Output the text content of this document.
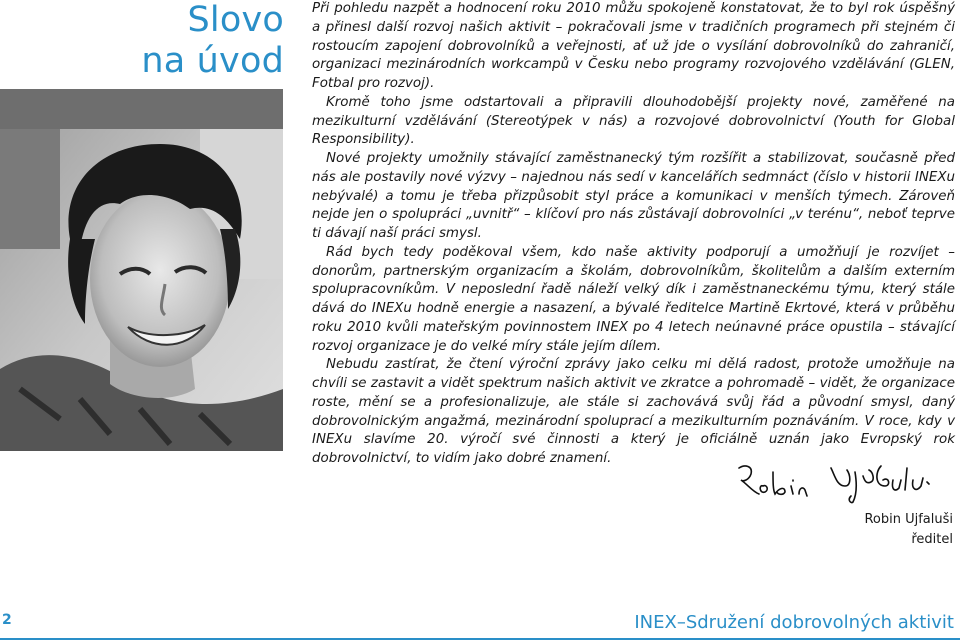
Slovo
na úvod

Při pohledu nazpět a hodnocení roku 2010 můžu spokojeně konstatovat, že to byl rok úspěšný a přinesl další rozvoj našich aktivit – pokračovali jsme v tradičních programech při stejném či rostoucím zapojení dobrovolníků a veřejnosti, ať už jde o vysílání dobrovolníků do zahraničí, organizaci mezinárodních workcampů v Česku nebo programy rozvojového vzdělávání (GLEN, Fotbal pro rozvoj).

Kromě toho jsme odstartovali a připravili dlouhodobější projekty nové, zaměřené na mezikulturní vzdělávání (Stereotýpek v nás) a rozvojové dobrovolnictví (Youth for Global Responsibility).

Nové projekty umožnily stávající zaměstnanecký tým rozšířit a stabilizovat, současně před nás ale postavily nové výzvy – najednou nás sedí v kancelářích sedmnáct (číslo v historii INEXu nebývalé) a tomu je třeba přizpůsobit styl práce a komunikaci v menších týmech. Zároveň nejde jen o spolupráci „uvnitř“ – klíčoví pro nás zůstávají dobrovolníci „v terénu“, neboť teprve ti dávají naší práci smysl.

Rád bych tedy poděkoval všem, kdo naše aktivity podporují a umožňují je rozvíjet – donorům, partnerským organizacím a školám, dobrovolníkům, školitelům a dalším externím spolupracovníkům. V neposlední řadě náleží velký dík i zaměstnaneckému týmu, který stále dává do INEXu hodně energie a nasazení, a bývalé ředitelce Martině Ekrtové, která v průběhu roku 2010 kvůli mateřským povinnostem INEX po 4 letech neúnavné práce opustila – stávající rozvoj organizace je do velké míry stále jejím dílem.

Nebudu zastírat, že čtení výroční zprávy jako celku mi dělá radost, protože umožňuje na chvíli se zastavit a vidět spektrum našich aktivit ve zkratce a pohromadě – vidět, že organizace roste, mění se a profesionalizuje, ale stále si zachovává svůj řád a původní smysl, daný dobrovolnickým angažmá, mezinárodní spoluprací a mezikulturním poznáváním. V roce, kdy v INEXu slavíme 20. výročí své činnosti a který je oficiálně uznán jako Evropský rok dobrovolnictví, to vidím jako dobré znamení.

Robin Ujfaluši
ředitel
2	INEX–Sdružení dobrovolných aktivit
